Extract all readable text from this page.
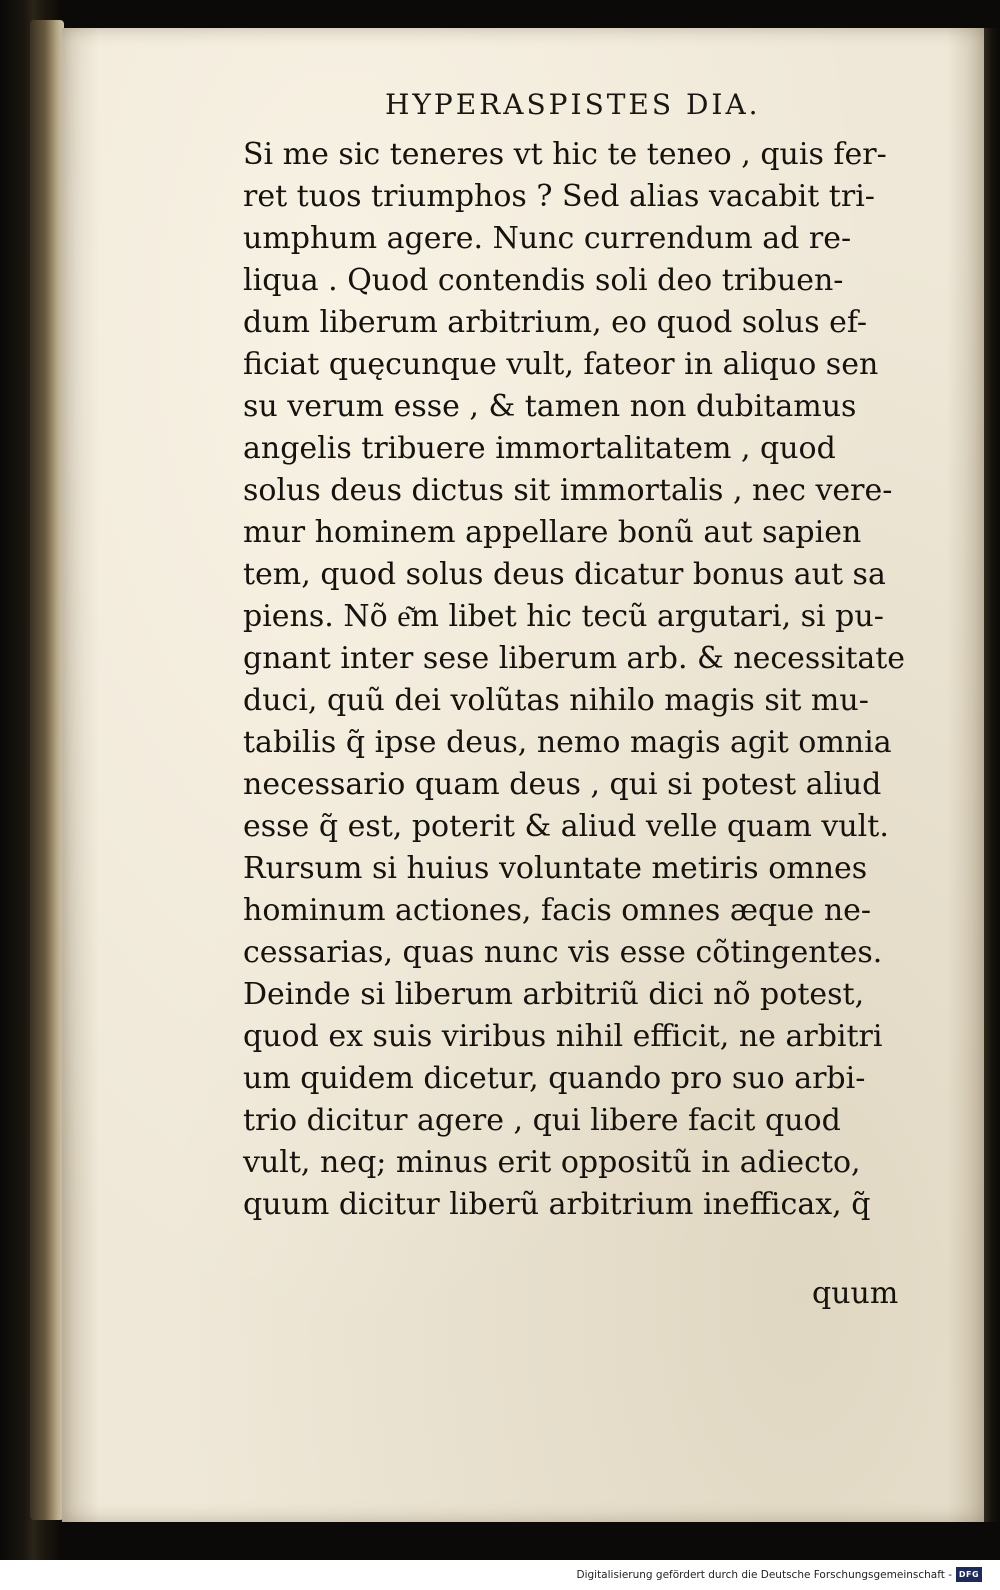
HYPERASPISTES DIA.
Si me sic teneres vt hic te teneo , quis fer-
ret tuos triumphos ? Sed alias vacabit tri-
umphum agere. Nunc currendum ad re-
liqua . Quod contendis soli deo tribuen-
dum liberum arbitrium, eo quod solus ef-
ficiat quęcunque vult, fateor in aliquo sen
su verum esse , & tamen non dubitamus
angelis tribuere immortalitatem , quod
solus deus dictus sit immortalis , nec vere-
mur hominem appellare bonũ aut sapien
tem, quod solus deus dicatur bonus aut sa
piens. Nõ e͂m libet hic tecũ argutari, si pu-
gnant inter sese liberum arb. & necessitate
duci, quũ dei volũtas nihilo magis sit mu-
tabilis q̃ ipse deus, nemo magis agit omnia
necessario quam deus , qui si potest aliud
esse q̃ est, poterit & aliud velle quam vult.
Rursum si huius voluntate metiris omnes
hominum actiones, facis omnes æque ne-
cessarias, quas nunc vis esse cõtingentes.
Deinde si liberum arbitriũ dici nõ potest,
quod ex suis viribus nihil efficit, ne arbitri
um quidem dicetur, quando pro suo arbi-
trio dicitur agere , qui libere facit quod
vult, neq; minus erit oppositũ in adiecto,
quum dicitur liberũ arbitrium inefficax, q̃
quum
Digitalisierung gefördert durch die Deutsche Forschungsgemeinschaft - DFG
